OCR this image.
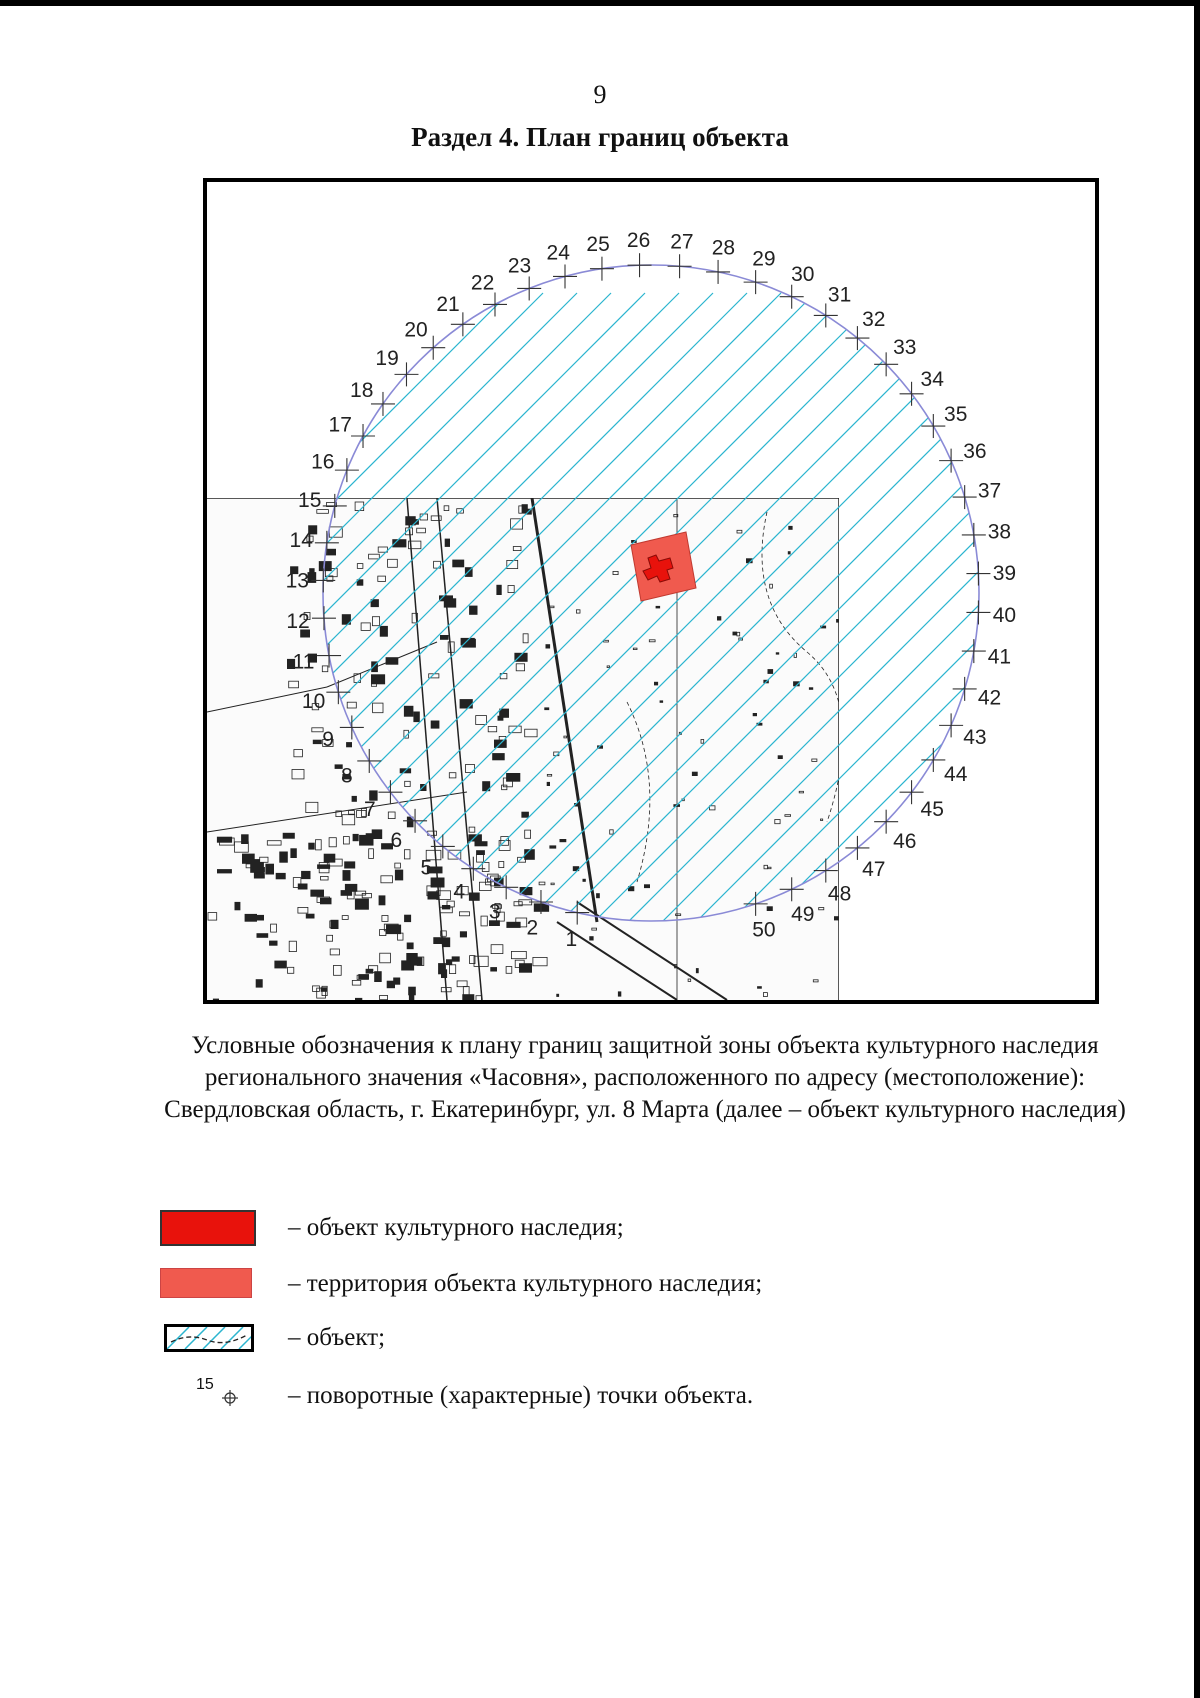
9
Раздел 4. План границ объекта
1
2
3
4
5
6
7
8
9
10
11
12
13
14
15
16
17
18
19
20
21
22
23
24 25 26 27 28 29
30
31
32
33
34
35
36
37
38
39
40
41
42
43
44
45
46
47
48
49
50
Условные обозначения к плану границ защитной зоны объекта культурного наследия регионального значения «Часовня», расположенного по адресу (местоположение): Свердловская область, г. Екатеринбург, ул. 8 Марта (далее – объект культурного наследия)
– объект культурного наследия;
– территория объекта культурного наследия;
– объект;
15	– поворотные (характерные) точки объекта.
